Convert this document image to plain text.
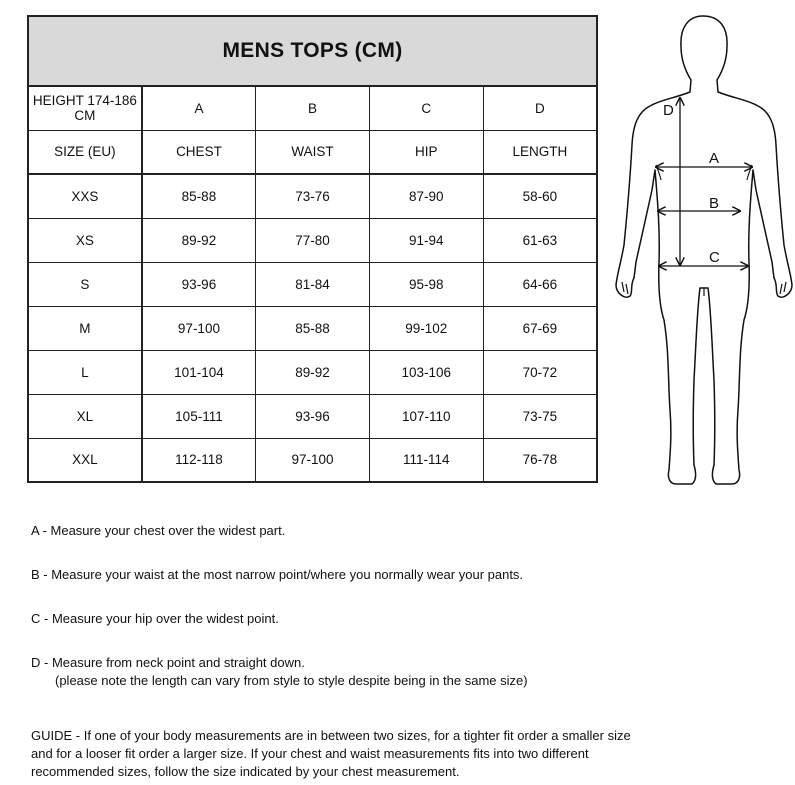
MENS TOPS (CM)				
HEIGHT 174-186 CM	A	B	C	D
SIZE (EU)	CHEST	WAIST	HIP	LENGTH
XXS	85-88	73-76	87-90	58-60
XS	89-92	77-80	91-94	61-63
S	93-96	81-84	95-98	64-66
M	97-100	85-88	99-102	67-69
L	101-104	89-92	103-106	70-72
XL	105-111	93-96	107-110	73-75
XXL	112-118	97-100	111-114	76-78
D
A
B
C
A - Measure your chest over the widest part.
B - Measure your waist at the most narrow point/where you normally wear your pants.
C - Measure your hip over the widest point.
D - Measure from neck point and straight down.
(please note the length can vary from style to style despite being in the same size)
GUIDE - If one of your body measurements are in between two sizes, for a tighter fit order a smaller size
and for a looser fit order a larger size. If your chest and waist measurements fits into two different
recommended sizes, follow the size indicated by your chest measurement.
